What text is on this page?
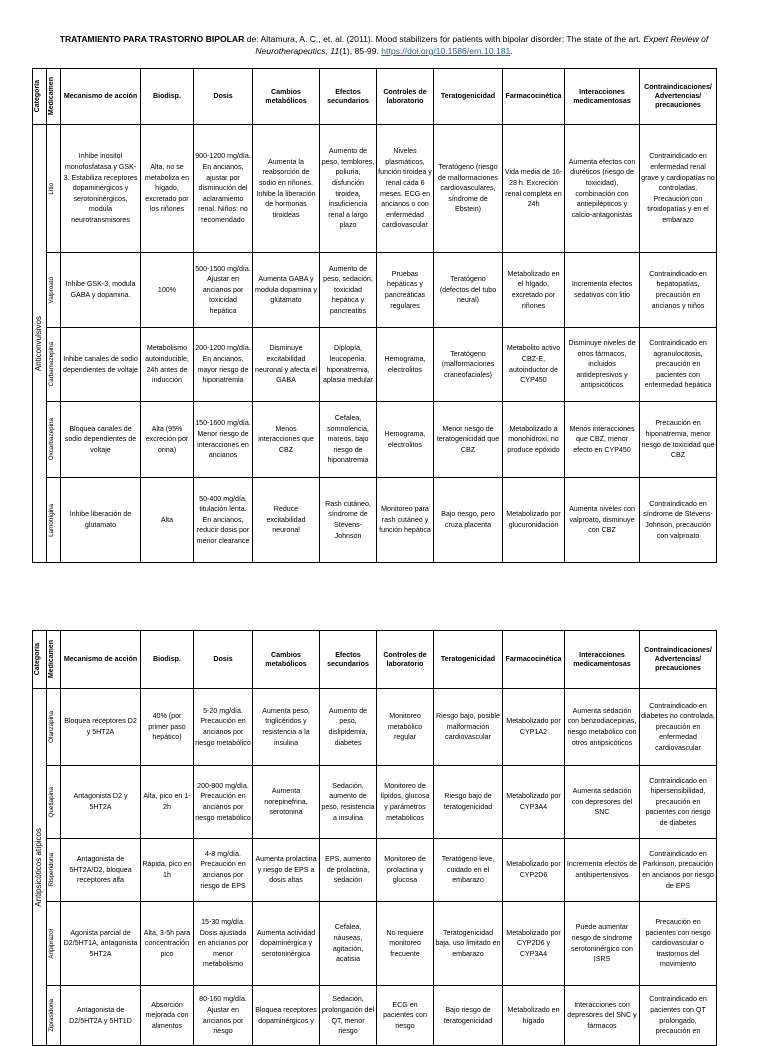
TRATAMIENTO PARA TRASTORNO BIPOLAR de: Altamura, A. C., et. al. (2011). Mood stabilizers for patients with bipolar disorder: The state of the art. Expert Review of Neurotherapeutics, 11(1), 85-99. https://doi.org/10.1586/ern.10.181.
Categoría	Medicamen	Mecanismo de acción	Biodisp.	Dosis	Cambios metabólicos	Efectos secundarios	Controles de laboratorio	Teratogenicidad	Farmacocinética	Interacciones medicamentosas	Contraindicaciones/ Advertencias/ precauciones

Anticonvulsivos	Litio	Inhibe inositol monofosfatasa y GSK-3. Estabiliza receptores dopaminérgicos y serotoninérgicos, modula neurotransmisores	Alta, no se metaboliza en hígado, excretado por los riñones	900-1200 mg/día. En ancianos, ajustar por disminución del aclaramiento renal. Niños: no recomendado	Aumenta la reabsorción de sodio en riñones. Inhibe la liberación de hormonas tiroideas	Aumento de peso, temblores, poliuria, disfunción tiroidea, insuficiencia renal a largo plazo	Niveles plasmáticos, función tiroidea y renal cada 6 meses. ECG en ancianos o con enfermedad cardiovascular	Teratógeno (riesgo de malformaciones cardiovasculares, síndrome de Ebstein)	Vida media de 16-28 h. Excreción renal completa en 24h	Aumenta efectos con diuréticos (riesgo de toxicidad), combinación con antiepilépticos y calcio-antagonistas	Contraindicado en enfermedad renal grave y cardiopatías no controladas. Precaución con tiroidopatías y en el embarazo

	Valproato	Inhibe GSK-3, modula GABA y dopamina.	100%	500-1500 mg/día. Ajustar en ancianos por toxicidad hepática	Aumenta GABA y modula dopamina y glutamato	Aumento de peso, sedación, toxicidad hepática y pancreatitis	Pruebas hepáticas y pancreáticas regulares	Teratógeno (defectos del tubo neural)	Metabolizado en el hígado, excretado por riñones	Incrementa efectos sedativos con litio	Contraindicado en hepatopatías, precaución en ancianos y niños

	Carbamazepina	Inhibe canales de sodio dependientes de voltaje	Metabolismo autoinducible, 24h antes de inducción	200-1200 mg/día. En ancianos, mayor riesgo de hiponatremia	Disminuye excitabilidad neuronal y afecta el GABA	Diplopía, leucopenia, hiponatremia, aplasia medular	Hemograma, electrolitos	Teratógeno (malformaciones craneofaciales)	Metabolito activo CBZ-E, autoinductor de CYP450	Disminuye niveles de otros fármacos, incluidos antidepresivos y antipsicóticos	Contraindicado en agranulocitosis, precaución en pacientes con enfermedad hepática

	Oxcarbazepina	Bloquea canales de sodio dependientes de voltaje	Alta (95% excreción por orina)	150-1600 mg/día. Menor riesgo de interacciones en ancianos	Menos interacciones que CBZ	Cefalea, somnolencia, mareos, bajo riesgo de hiponatremia	Hemograma, electrolitos	Menor riesgo de teratogenicidad que CBZ	Metabolizado a monohidroxi, no produce epóxido	Menos interacciones que CBZ, menor efecto en CYP450	Precaución en hiponatremia, menor riesgo de toxicidad que CBZ

	Lamotrigina	Inhibe liberación de glutamato	Alta	50-400 mg/día, titulación lenta. En ancianos, reducir dosis por menor clearance	Reduce excitabilidad neuronal	Rash cutáneo, síndrome de Stevens-Johnson	Monitoreo para rash cutáneo y función hepática	Bajo riesgo, pero cruza placenta	Metabolizado por glucuronidación	Aumenta niveles con valproato, disminuye con CBZ	Contraindicado en síndrome de Stevens-Johnson, precaución con valproato
Categoría	Medicamen	Mecanismo de acción	Biodisp.	Dosis	Cambios metabólicos	Efectos secundarios	Controles de laboratorio	Teratogenicidad	Farmacocinética	Interacciones medicamentosas	Contraindicaciones/ Advertencias/ precauciones

Antipsicóticos atípicos	Olanzapina	Bloquea receptores D2 y 5HT2A	40% (por primer paso hepático)	5-20 mg/día. Precaución en ancianos por riesgo metabólico	Aumenta peso, triglicéridos y resistencia a la insulina	Aumento de peso, dislipidemia, diabetes	Monitoreo metabólico regular	Riesgo bajo, posible malformación cardiovascular	Metabolizado por CYP1A2	Aumenta sedación con benzodiacepinas, riesgo metabólico con otros antipsicóticos	Contraindicado en diabetes no controlada, precaución en enfermedad cardiovascular

	Quetiapina	Antagonista D2 y 5HT2A	Alta, pico en 1-2h	200-800 mg/día. Precaución en ancianos por riesgo metabólico	Aumenta norepinefrina, serotonina	Sedación, aumento de peso, resistencia a insulina	Monitoreo de lípidos, glucosa y parámetros metabólicos	Riesgo bajo de teratogenicidad	Metabolizado por CYP3A4	Aumenta sedación con depresores del SNC	Contraindicado en hipersensibilidad, precaución en pacientes con riesgo de diabetes

	Risperidona	Antagonista de 5HT2A/D2, bloquea receptores alfa	Rápida, pico en 1h	4-8 mg/día. Precaución en ancianos por riesgo de EPS	Aumenta prolactina y riesgo de EPS a dosis altas	EPS, aumento de prolactina, sedación	Monitoreo de prolactina y glucosa	Teratógeno leve, cuidado en el embarazo	Metabolizado por CYP2D6	Incrementa efectos de antihipertensivos	Contraindicado en Parkinson, precaución en ancianos por riesgo de EPS

	Aripiprazol	Agonista parcial de D2/5HT1A, antagonista 5HT2A	Alta, 3-5h para concentración pico	15-30 mg/día. Dosis ajustada en ancianos por menor metabolismo	Aumenta actividad dopaminérgica y serotoninérgica	Cefalea, náuseas, agitación, acatisia	No requiere monitoreo frecuente	Teratogenicidad baja, uso limitado en embarazo	Metabolizado por CYP2D6 y CYP3A4	Puede aumentar riesgo de síndrome serotoninérgico con ISRS	Precaución en pacientes con riesgo cardiovascular o trastornos del movimiento

	Ziprasidona	Antagonista de D2/5HT2A y 5HT1D	Absorción mejorada con alimentos	80-160 mg/día. Ajustar en ancianos por riesgo	Bloquea receptores dopaminérgicos y	Sedación, prolongación del QT, menor riesgo	ECG en pacientes con riesgo	Bajo riesgo de teratogenicidad	Metabolizado en hígado	Interacciones con depresores del SNC y fármacos	Contraindicado en pacientes con QT prolongado, precaución en
